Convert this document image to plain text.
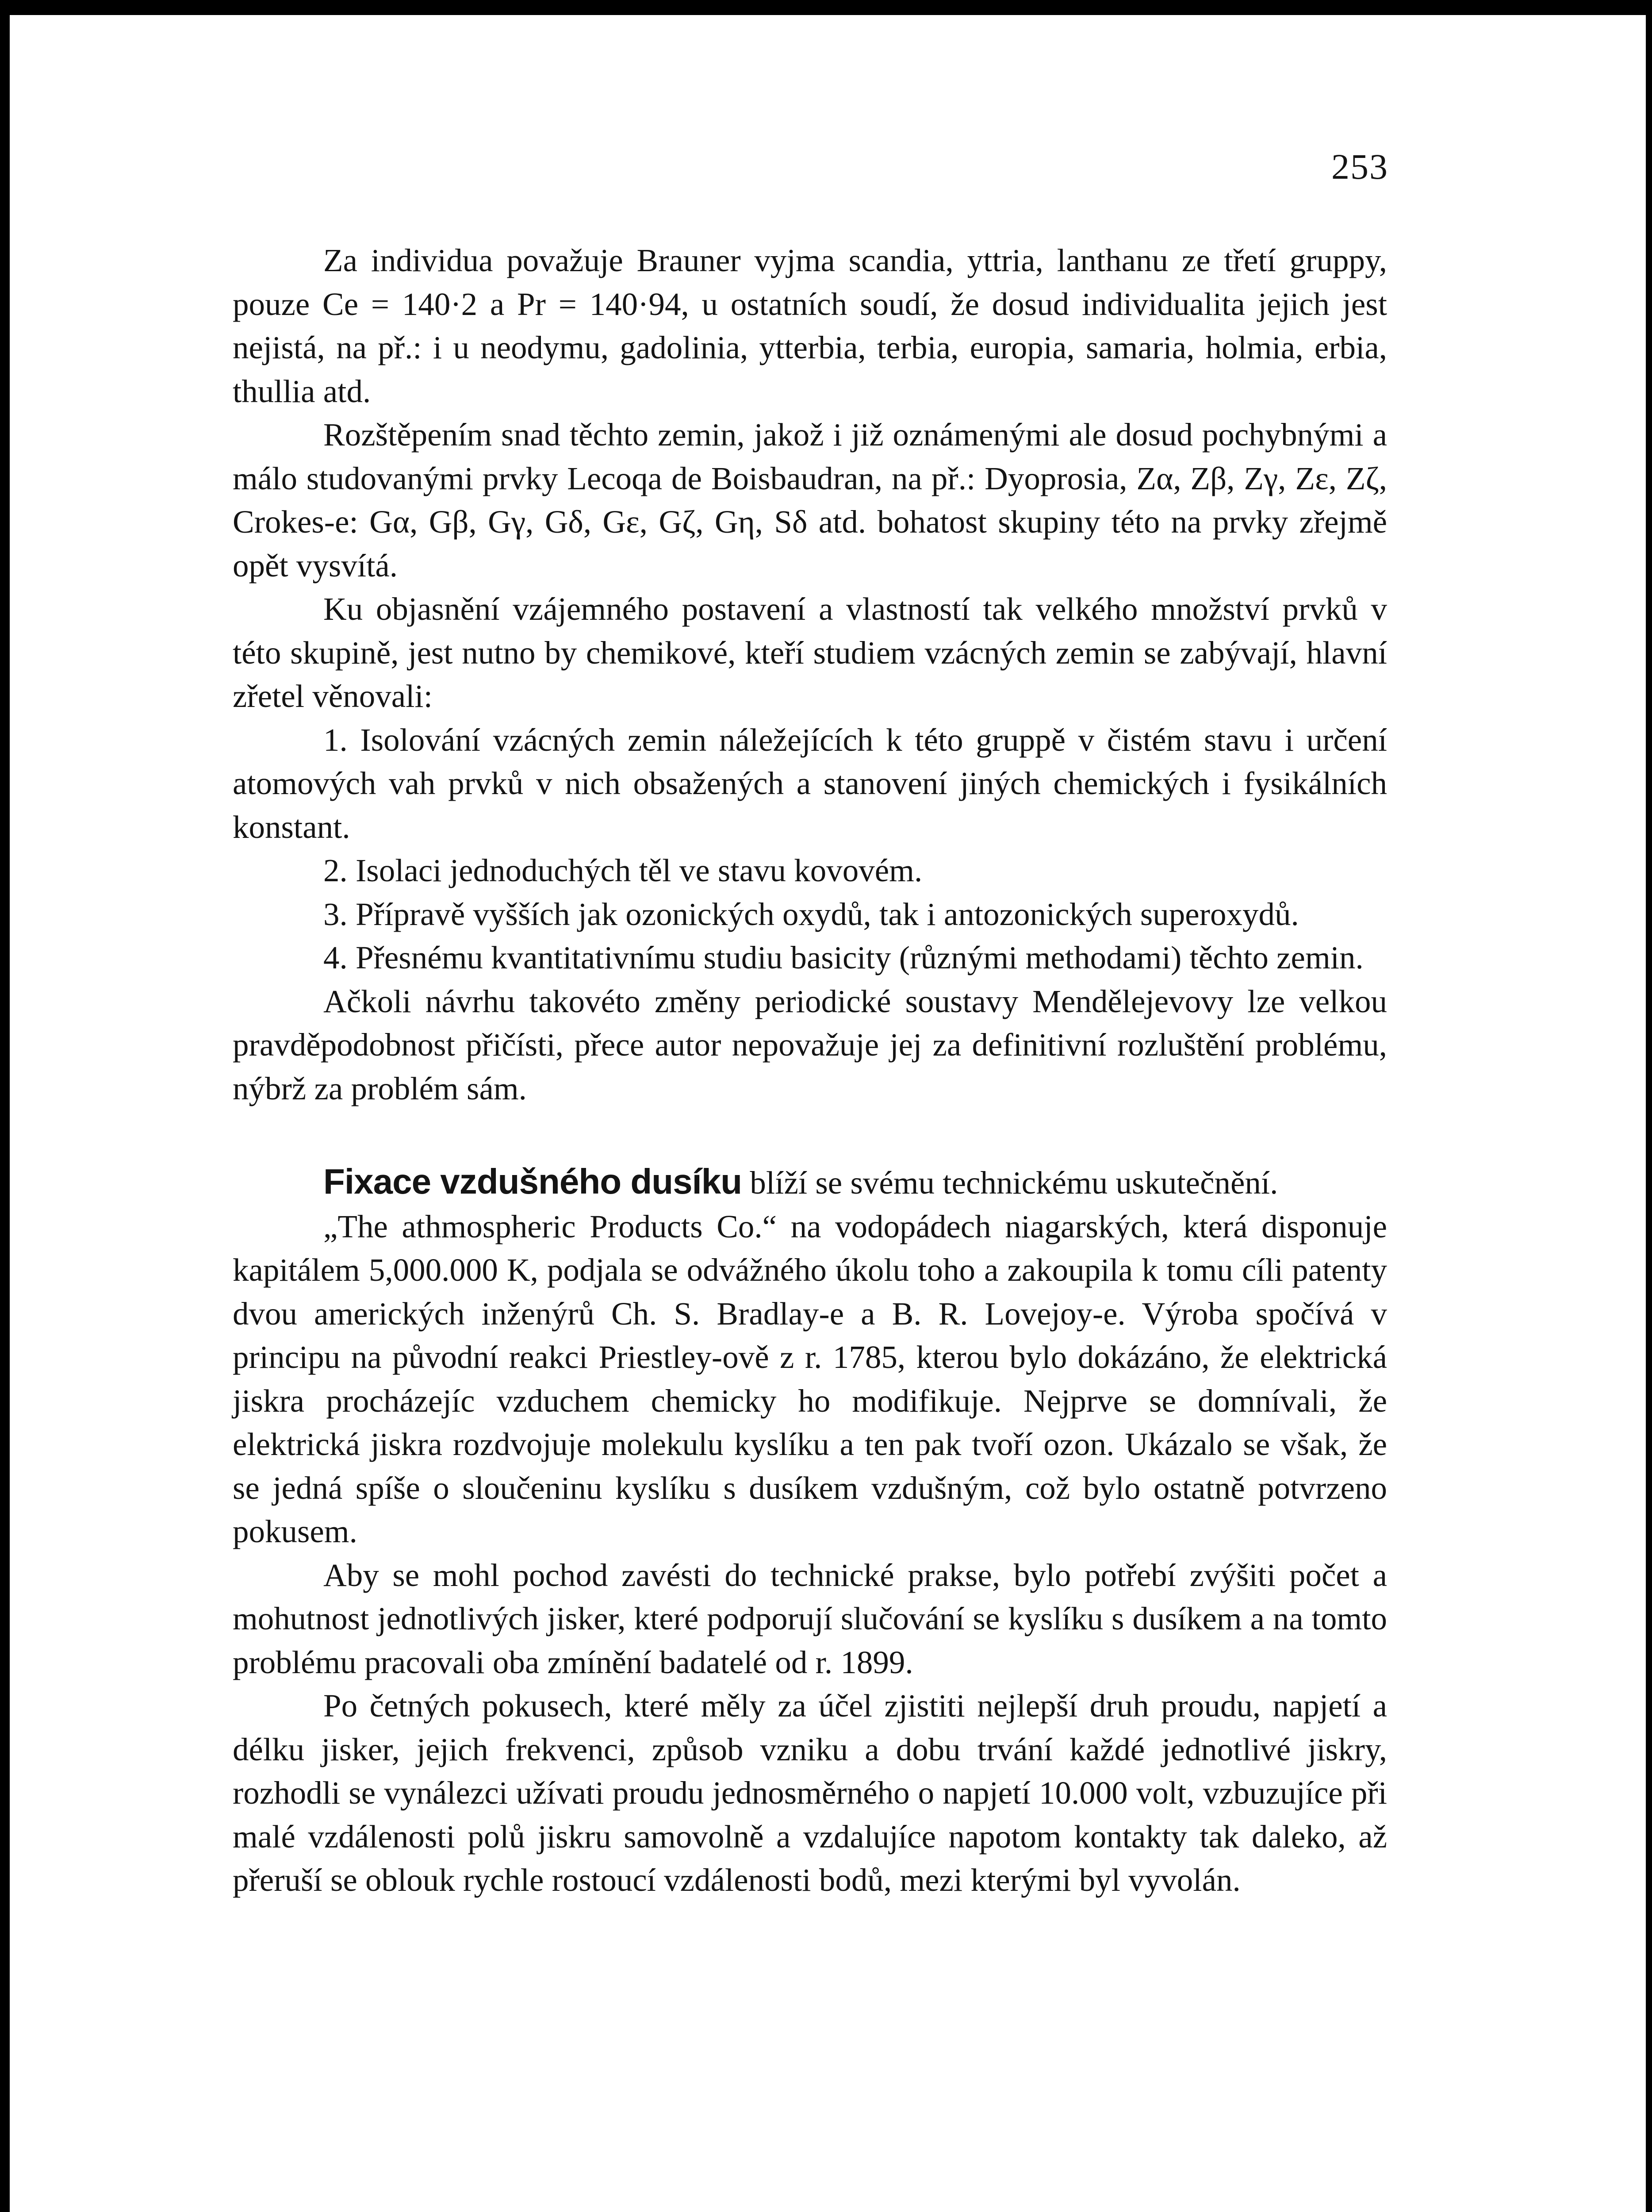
253

Za individua považuje Brauner vyjma scandia, yttria, lanthanu ze třetí gruppy, pouze Ce = 140·2 a Pr = 140·94, u ostatních soudí, že dosud individualita jejich jest nejistá, na př.: i u neodymu, gadolinia, ytterbia, terbia, europia, samaria, holmia, erbia, thullia atd.

Rozštěpením snad těchto zemin, jakož i již oznámenými ale dosud pochybnými a málo studovanými prvky Lecoqa de Boisbaudran, na př.: Dyoprosia, Zα, Zβ, Zγ, Zε, Zζ, Crokes-e: Gα, Gβ, Gγ, Gδ, Gε, Gζ, Gη, Sδ atd. bohatost skupiny této na prvky zřejmě opět vysvítá.

Ku objasnění vzájemného postavení a vlastností tak velkého množství prvků v této skupině, jest nutno by chemikové, kteří studiem vzácných zemin se zabývají, hlavní zřetel věnovali:

1. Isolování vzácných zemin náležejících k této gruppě v čistém stavu i určení atomových vah prvků v nich obsažených a stanovení jiných chemických i fysikálních konstant.

2. Isolaci jednoduchých těl ve stavu kovovém.

3. Přípravě vyšších jak ozonických oxydů, tak i antozonických superoxydů.

4. Přesnému kvantitativnímu studiu basicity (různými methodami) těchto zemin.

Ačkoli návrhu takovéto změny periodické soustavy Mendělejevovy lze velkou pravděpodobnost přičísti, přece autor nepovažuje jej za definitivní rozluštění problému, nýbrž za problém sám.

Fixace vzdušného dusíku blíží se svému technickému uskutečnění.

„The athmospheric Products Co.“ na vodopádech niagarských, která disponuje kapitálem 5,000.000 K, podjala se odvážného úkolu toho a zakoupila k tomu cíli patenty dvou amerických inženýrů Ch. S. Bradlay-e a B. R. Lovejoy-e. Výroba spočívá v principu na původní reakci Priestley-ově z r. 1785, kterou bylo dokázáno, že elektrická jiskra procházejíc vzduchem chemicky ho modifikuje. Nejprve se domnívali, že elektrická jiskra rozdvojuje molekulu kyslíku a ten pak tvoří ozon. Ukázalo se však, že se jedná spíše o sloučeninu kyslíku s dusíkem vzdušným, což bylo ostatně potvrzeno pokusem.

Aby se mohl pochod zavésti do technické prakse, bylo potřebí zvýšiti počet a mohutnost jednotlivých jisker, které podporují slučování se kyslíku s dusíkem a na tomto problému pracovali oba zmínění badatelé od r. 1899.

Po četných pokusech, které měly za účel zjistiti nejlepší druh proudu, napjetí a délku jisker, jejich frekvenci, způsob vzniku a dobu trvání každé jednotlivé jiskry, rozhodli se vynálezci užívati proudu jednosměrného o napjetí 10.000 volt, vzbuzujíce při malé vzdálenosti polů jiskru samovolně a vzdalujíce napotom kontakty tak daleko, až přeruší se oblouk rychle rostoucí vzdálenosti bodů, mezi kterými byl vyvolán.
